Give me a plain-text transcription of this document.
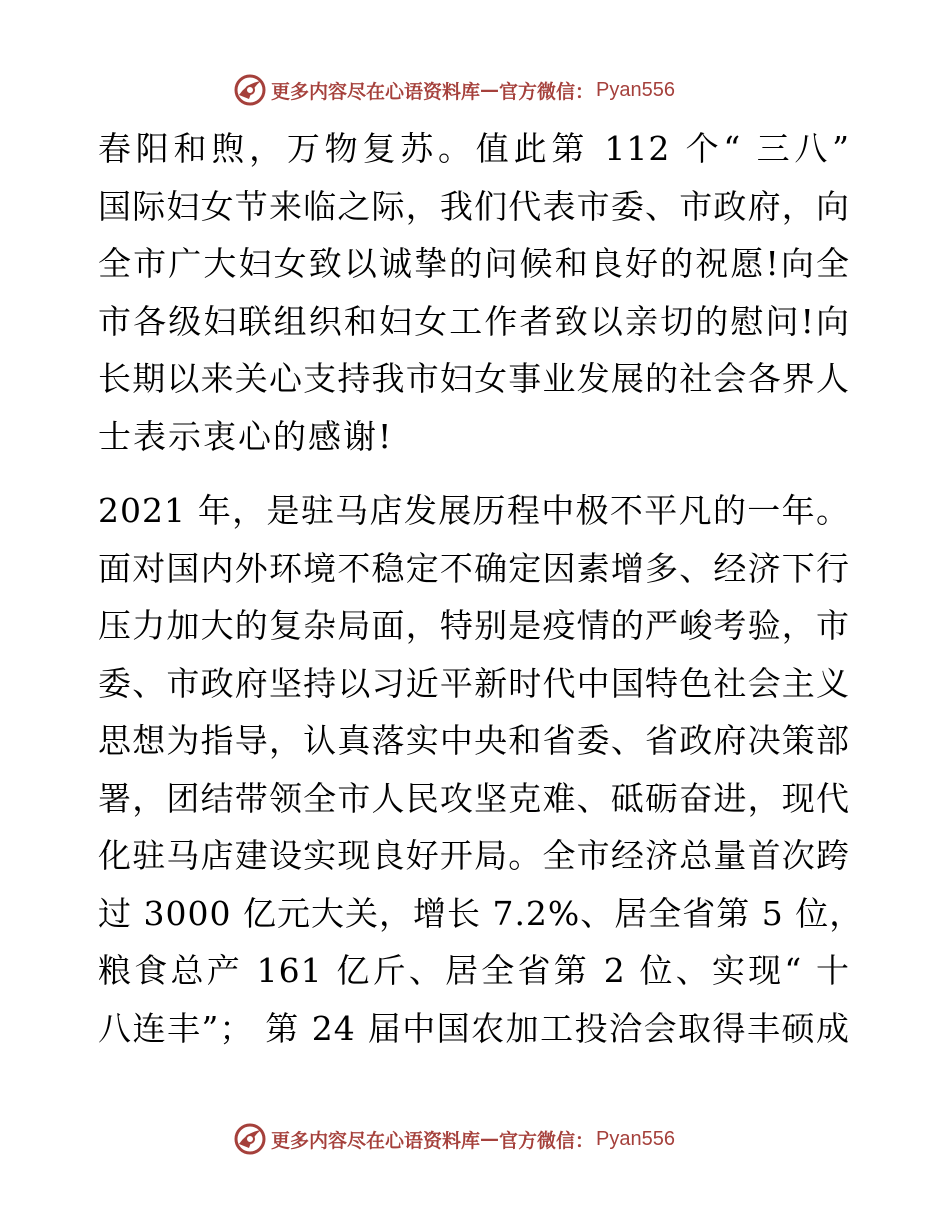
更多内容尽在心语资料库 — 官方微信： Pyan556
春阳和煦，万物复苏。值此第 112 个“ 三八”
国际妇女节来临之际，我们代表市委、市政府，向
全市广大妇女致以诚挚的问候和良好的祝愿!向全
市各级妇联组织和妇女工作者致以亲切的慰问!向
长期以来关心支持我市妇女事业发展的社会各界人
士表示衷心的感谢!
2021 年，是驻马店发展历程中极不平凡的一年。
面对国内外环境不稳定不确定因素增多、经济下行
压力加大的复杂局面，特别是疫情的严峻考验，市
委、市政府坚持以习近平新时代中国特色社会主义
思想为指导，认真落实中央和省委、省政府决策部
署，团结带领全市人民攻坚克难、砥砺奋进，现代
化驻马店建设实现良好开局。全市经济总量首次跨
过 3000 亿元大关，增长 7.2%、居全省第 5 位，
粮食总产 161 亿斤、居全省第 2 位、实现“ 十
八连丰”； 第 24 届中国农加工投洽会取得丰硕成
更多内容尽在心语资料库 — 官方微信： Pyan556
